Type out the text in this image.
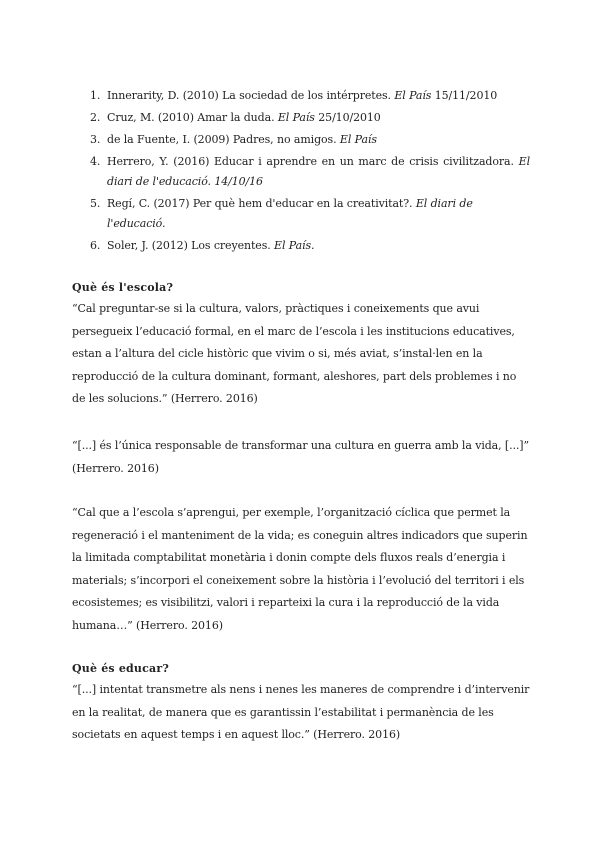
1. Innerarity, D. (2010) La sociedad de los intérpretes. El País 15/11/2010
2. Cruz, M. (2010) Amar la duda. El País 25/10/2010
3. de la Fuente, I. (2009) Padres, no amigos. El País
4. Herrero, Y. (2016) Educar i aprendre en un marc de crisis civilitzadora. El diari de l'educació. 14/10/16
5. Regí, C. (2017) Per què hem d'educar en la creativitat?. El diari de l'educació.
6. Soler, J. (2012) Los creyentes. El País.
Què és l'escola?

“Cal preguntar-se si la cultura, valors, pràctiques i coneixements que avui persegueix l’educació formal, en el marc de l’escola i les institucions educatives, estan a l’altura del cicle històric que vivim o si, més aviat, s’instal·len en la reproducció de la cultura dominant, formant, aleshores, part dels problemes i no de les solucions.” (Herrero. 2016)

“[...] és l’única responsable de transformar una cultura en guerra amb la vida, [...]” (Herrero. 2016)

“Cal que a l’escola s’aprengui, per exemple, l’organització cíclica que permet la regeneració i el manteniment de la vida; es coneguin altres indicadors que superin la limitada comptabilitat monetària i donin compte dels fluxos reals d’energia i materials; s’incorpori el coneixement sobre la història i l’evolució del territori i els ecosistemes; es visibilitzi, valori i reparteixi la cura i la reproducció de la vida humana…” (Herrero. 2016)

Què és educar?

“[...] intentat transmetre als nens i nenes les maneres de comprendre i d’intervenir en la realitat, de manera que es garantissin l’estabilitat i permanència de les societats en aquest temps i en aquest lloc.” (Herrero. 2016)
